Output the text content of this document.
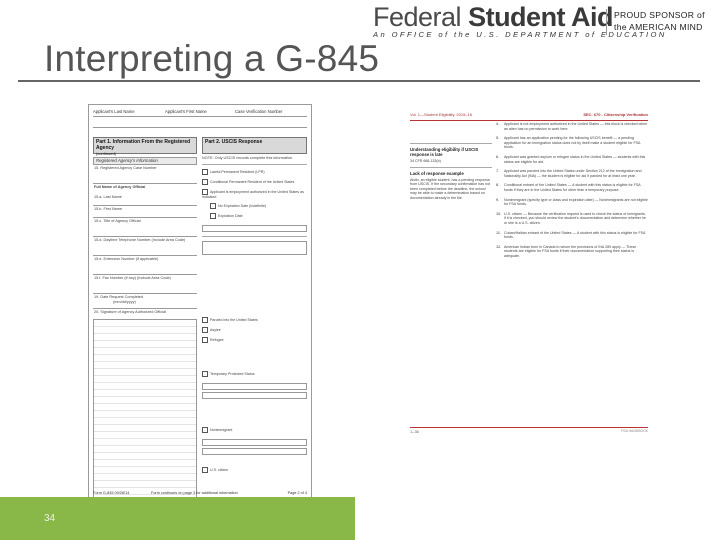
Interpreting a G-845
Applicant's Last Name	Applicant's First Name	Case Verification Number
Part 1. Information From the Registered Agency
(continued)
Registered Agency's Information
15. Registered Agency Case Number
Full Name of Agency Official
15.a. Last Name
15.b. First Name
15.c. Title of Agency Official
15.d. Daytime Telephone Number (Include Area Code)
15.e. Extension Number (if applicable)
15.f. Fax Number (if any) (Include Area Code)
19. Date Request Completed
(mm/dd/yyyy)
20. Signature of Agency Authorized Official
Part 2. USCIS Response
NOTE: Only USCIS records complete this information.
Lawful Permanent Resident (LPR)
Conditional Permanent Resident of the United States
Applicant is employment authorized in the United States as indicated
No Expiration Date (Indefinite)
Expiration Date
Paroled into the United States
Asylee
Refugee
Temporary Protected Status
Nonimmigrant
U.S. citizen
Form G-845 09/28/14	Form continues on page 3 for additional information	Page 2 of 4
Vol. 1—Student Eligibility, 2015–16	SEC. 670 - Citizenship Verification
Understanding eligibility if USCIS response is late
34 CFR 668.133(b)
Lack of response example
Aislin, an eligible student, has a pending response from USCIS. If the secondary confirmation has not been completed before the deadline, the school may be able to make a determination based on documentation already in the file.
4. Applicant is not employment authorized in the United States — this block is checked when an alien has no permission to work here.
5. Applicant has an application pending for the following USCIS benefit — a pending application for an immigration status does not by itself make a student eligible for FSA funds.
6. Applicant was granted asylum or refugee status in the United States — students with this status are eligible for aid.
7. Applicant was paroled into the United States under Section 212 of the Immigration and Nationality Act (INA) — the student is eligible for aid if paroled for at least one year.
8. Conditional entrant of the United States — A student with this status is eligible for FSA funds if they are in the United States for other than a temporary purpose.
9. Nonimmigrant (specify type or class and expiration date) — Nonimmigrants are not eligible for FSA funds.
10. U.S. citizen — Because the verification request is used to check the status of immigrants, if it is checked, you should review the student's documentation and determine whether he or she is a U.S. citizen.
11. Cuban/Haitian entrant of the United States — A student with this status is eligible for FSA funds.
12. American Indian born in Canada to whom the provisions of INA 289 apply — These students are eligible for FSA funds if their documentation supporting their status is adequate.
1–36	FSA HANDBOOK
34
Federal Student Aid
An OFFICE of the U.S. DEPARTMENT of EDUCATION
PROUD SPONSOR of
the AMERICAN MIND
